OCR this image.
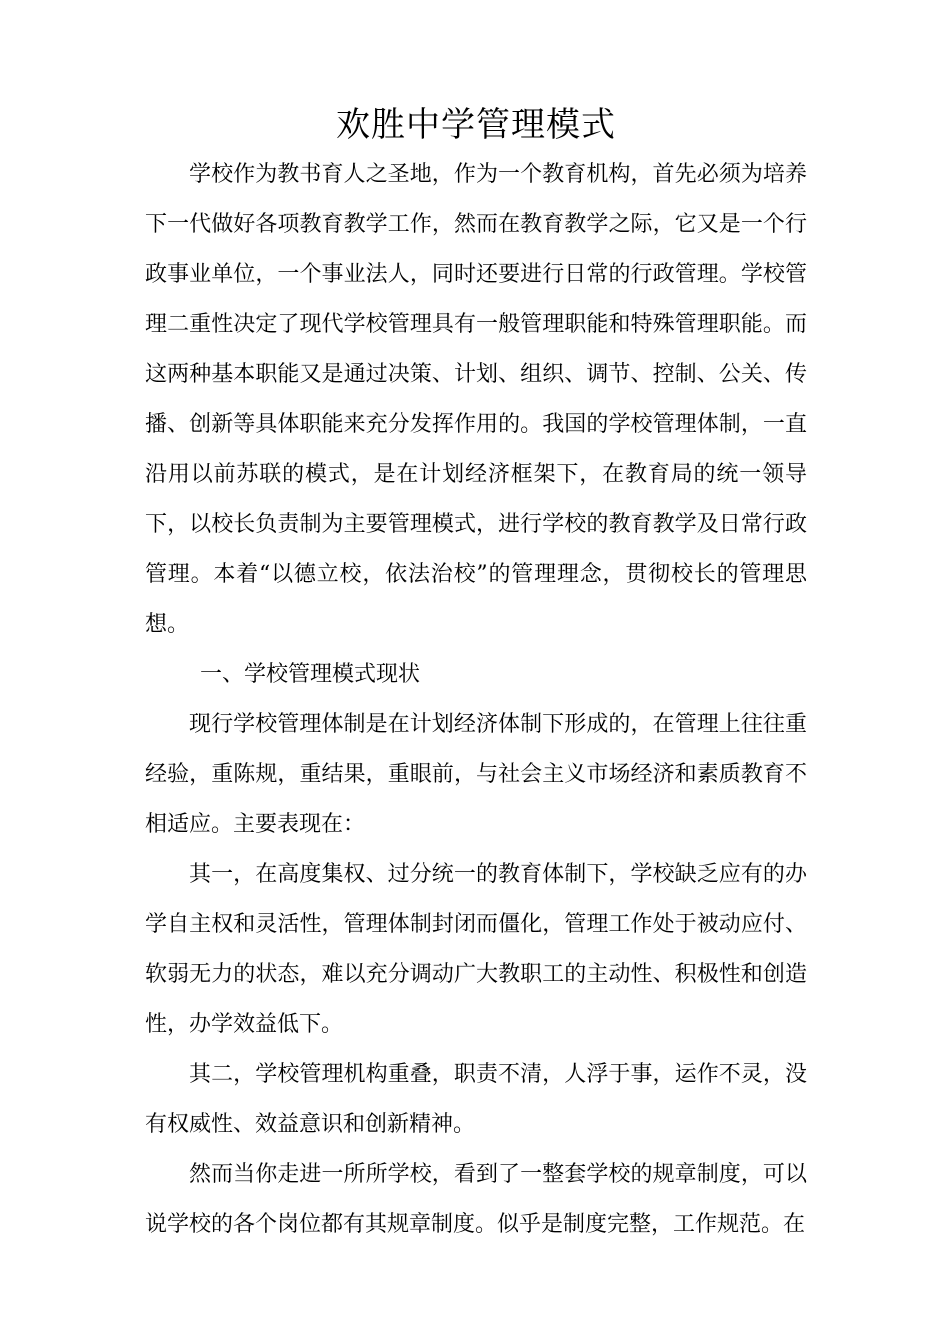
欢胜中学管理模式

学校作为教书育人之圣地，作为一个教育机构，首先必须为培养下一代做好各项教育教学工作，然而在教育教学之际，它又是一个行政事业单位，一个事业法人，同时还要进行日常的行政管理。学校管理二重性决定了现代学校管理具有一般管理职能和特殊管理职能。而这两种基本职能又是通过决策、计划、组织、调节、控制、公关、传播、创新等具体职能来充分发挥作用的。我国的学校管理体制，一直沿用以前苏联的模式，是在计划经济框架下，在教育局的统一领导下，以校长负责制为主要管理模式，进行学校的教育教学及日常行政管理。本着“以德立校，依法治校”的管理理念，贯彻校长的管理思想。

一、学校管理模式现状

现行学校管理体制是在计划经济体制下形成的，在管理上往往重经验，重陈规，重结果，重眼前，与社会主义市场经济和素质教育不相适应。主要表现在：

其一，在高度集权、过分统一的教育体制下，学校缺乏应有的办学自主权和灵活性，管理体制封闭而僵化，管理工作处于被动应付、软弱无力的状态，难以充分调动广大教职工的主动性、积极性和创造性，办学效益低下。

其二，学校管理机构重叠，职责不清，人浮于事，运作不灵，没有权威性、效益意识和创新精神。

然而当你走进一所所学校，看到了一整套学校的规章制度，可以说学校的各个岗位都有其规章制度。似乎是制度完整，工作规范。在
